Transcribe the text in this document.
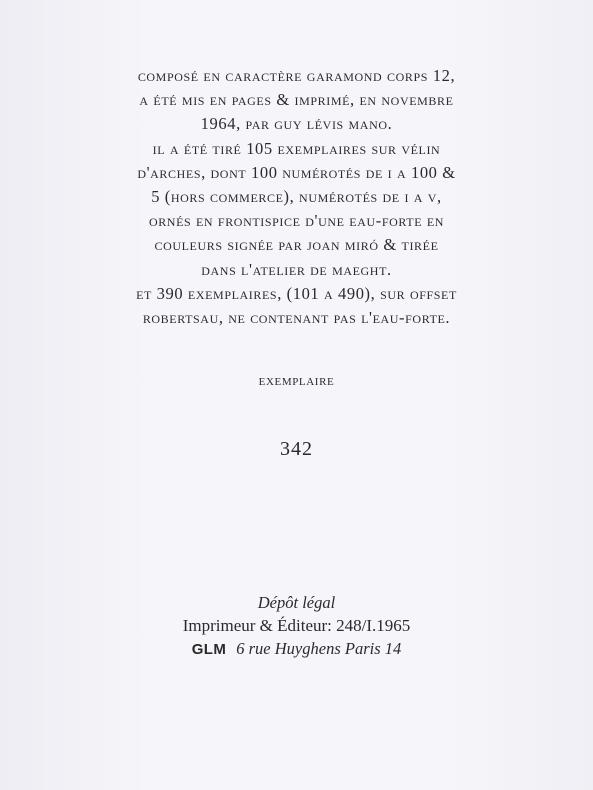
composé en caractère garamond corps 12,
a été mis en pages & imprimé, en novembre
1964, par guy lévis mano.
il a été tiré 105 exemplaires sur vélin
d'arches, dont 100 numérotés de i a 100 &
5 (hors commerce), numérotés de i a v,
ornés en frontispice d'une eau-forte en
couleurs signée par joan miró & tirée
dans l'atelier de maeght.
et 390 exemplaires, (101 a 490), sur offset
robertsau, ne contenant pas l'eau-forte.
exemplaire
342
Dépôt légal
Imprimeur & Éditeur: 248/I.1965
GLM 6 rue Huyghens Paris 14
